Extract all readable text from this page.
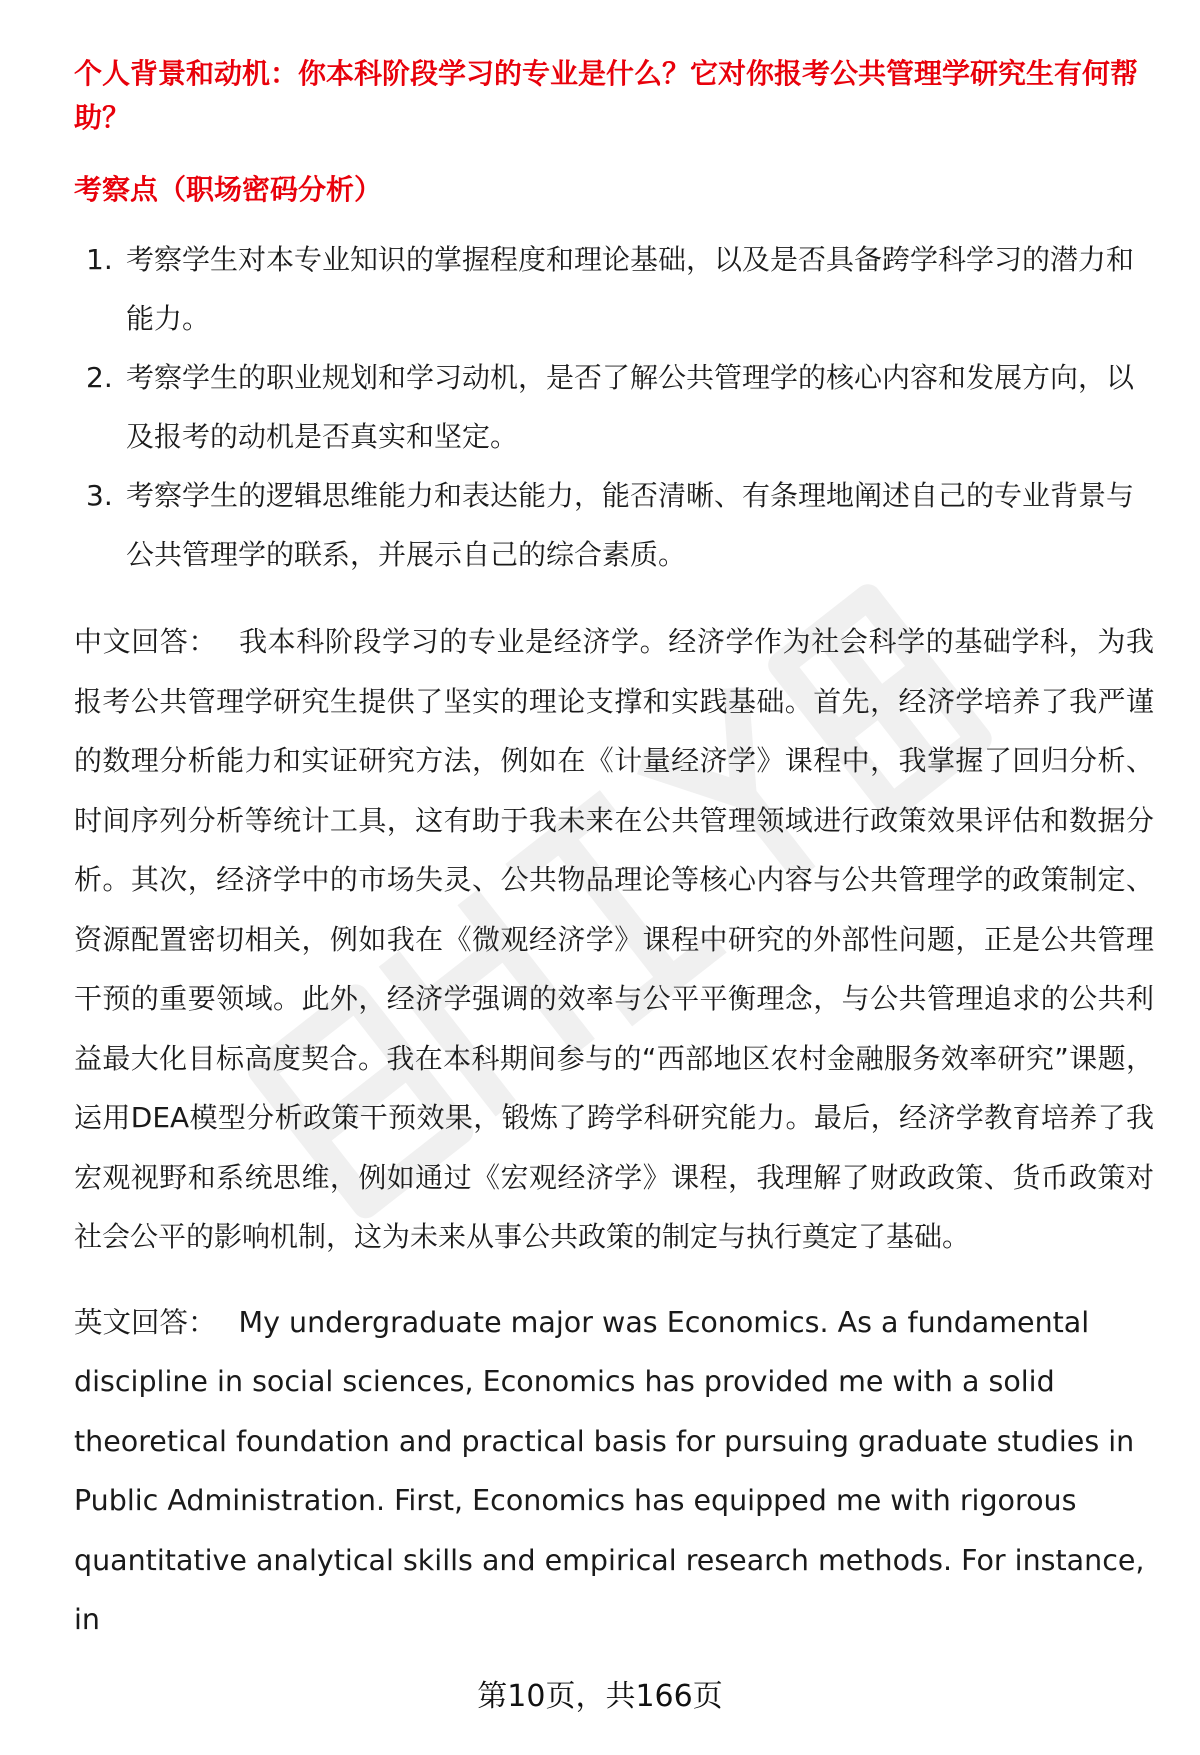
个人背景和动机：你本科阶段学习的专业是什么？它对你报考公共管理学研究生有何帮助？

考察点（职场密码分析）

1. 考察学生对本专业知识的掌握程度和理论基础，以及是否具备跨学科学习的潜力和能力。
2. 考察学生的职业规划和学习动机，是否了解公共管理学的核心内容和发展方向，以及报考的动机是否真实和坚定。
3. 考察学生的逻辑思维能力和表达能力，能否清晰、有条理地阐述自己的专业背景与公共管理学的联系，并展示自己的综合素质。

中文回答： 我本科阶段学习的专业是经济学。经济学作为社会科学的基础学科，为我报考公共管理学研究生提供了坚实的理论支撑和实践基础。首先，经济学培养了我严谨的数理分析能力和实证研究方法，例如在《计量经济学》课程中，我掌握了回归分析、时间序列分析等统计工具，这有助于我未来在公共管理领域进行政策效果评估和数据分析。其次，经济学中的市场失灵、公共物品理论等核心内容与公共管理学的政策制定、资源配置密切相关，例如我在《微观经济学》课程中研究的外部性问题，正是公共管理干预的重要领域。此外，经济学强调的效率与公平平衡理念，与公共管理追求的公共利益最大化目标高度契合。我在本科期间参与的“西部地区农村金融服务效率研究”课题，运用DEA模型分析政策干预效果，锻炼了跨学科研究能力。最后，经济学教育培养了我宏观视野和系统思维，例如通过《宏观经济学》课程，我理解了财政政策、货币政策对社会公平的影响机制，这为未来从事公共政策的制定与执行奠定了基础。

英文回答： My undergraduate major was Economics. As a fundamental discipline in social sciences, Economics has provided me with a solid theoretical foundation and practical basis for pursuing graduate studies in Public Administration. First, Economics has equipped me with rigorous quantitative analytical skills and empirical research methods. For instance, in

第10页，共166页
